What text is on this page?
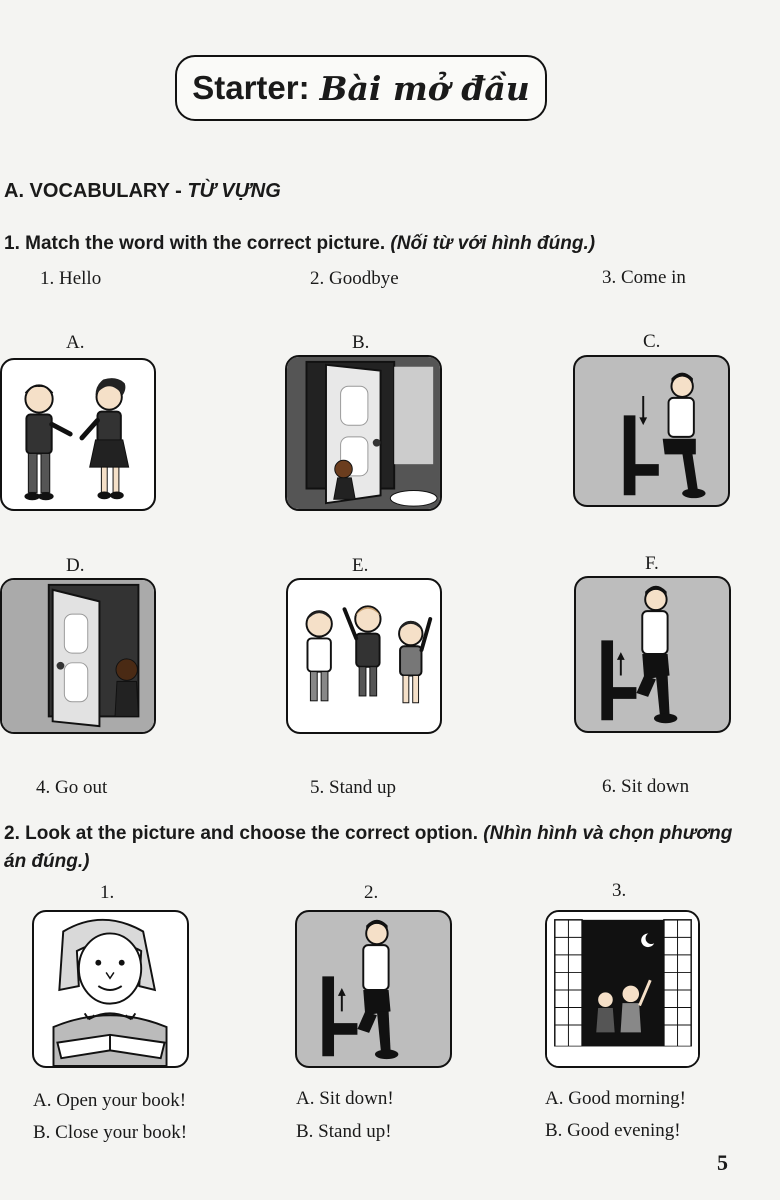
Starter: Bài mở đầu
A. VOCABULARY - TỪ VỰNG
1. Match the word with the correct picture. (Nối từ với hình đúng.)
1. Hello	2. Goodbye	3. Come in
A.	B.	C.
D.	E.	F.
4. Go out	5. Stand up	6. Sit down
2. Look at the picture and choose the correct option. (Nhìn hình và chọn phương án đúng.)
1.	2.	3.
A. Open your book!
B. Close your book!
A. Sit down!
B. Stand up!
A. Good morning!
B. Good evening!
5
